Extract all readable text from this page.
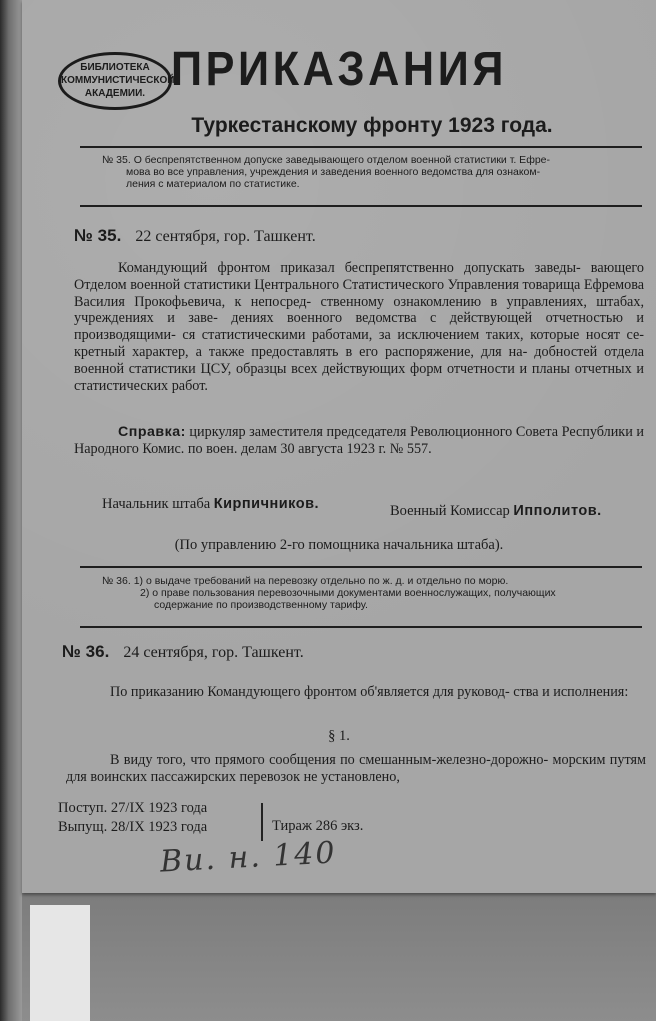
БИБЛИОТЕКА
КОММУНИСТИЧЕСКОЙ
АКАДЕМИИ. ПРИКАЗАНИЯ
Туркестанскому фронту 1923 года.
№ 35. О беспрепятственном допуске заведывающего отделом военной статистики т. Ефре-
мова во все управления, учреждения и заведения военного ведомства для ознаком-
ления с материалом по статистике.
№ 35. 22 сентября, гор. Ташкент.
Командующий фронтом приказал беспрепятственно допускать заведы- вающего Отделом военной статистики Центрального Статистического Управления товарища Ефремова Василия Прокофьевича, к непосред- ственному ознакомлению в управлениях, штабах, учреждениях и заве- дениях военного ведомства с действующей отчетностью и производящими- ся статистическими работами, за исключением таких, которые носят се- кретный характер, а также предоставлять в его распоряжение, для на- добностей отдела военной статистики ЦСУ, образцы всех действующих форм отчетности и планы отчетных и статистических работ.
Справка: циркуляр заместителя председателя Революционного Совета Республики и Народного Комис. по воен. делам 30 августа 1923 г. № 557.
Начальник штаба Кирпичников.	Военный Комиссар Ипполитов.
(По управлению 2-го помощника начальника штаба).
№ 36. 1) о выдаче требований на перевозку отдельно по ж. д. и отдельно по морю.
2) о праве пользования перевозочными документами военнослужащих, получающих
содержание по производственному тарифу.
№ 36. 24 сентября, гор. Ташкент.
По приказанию Командующего фронтом об'является для руковод- ства и исполнения:
§ 1.
В виду того, что прямого сообщения по смешанным-железно-дорожно- морским путям для воинских пассажирских перевозок не установлено,
Поступ. 27/IX 1923 года
Выпущ. 28/IX 1923 года	Тираж 286 экз.
Ви. н. 140
